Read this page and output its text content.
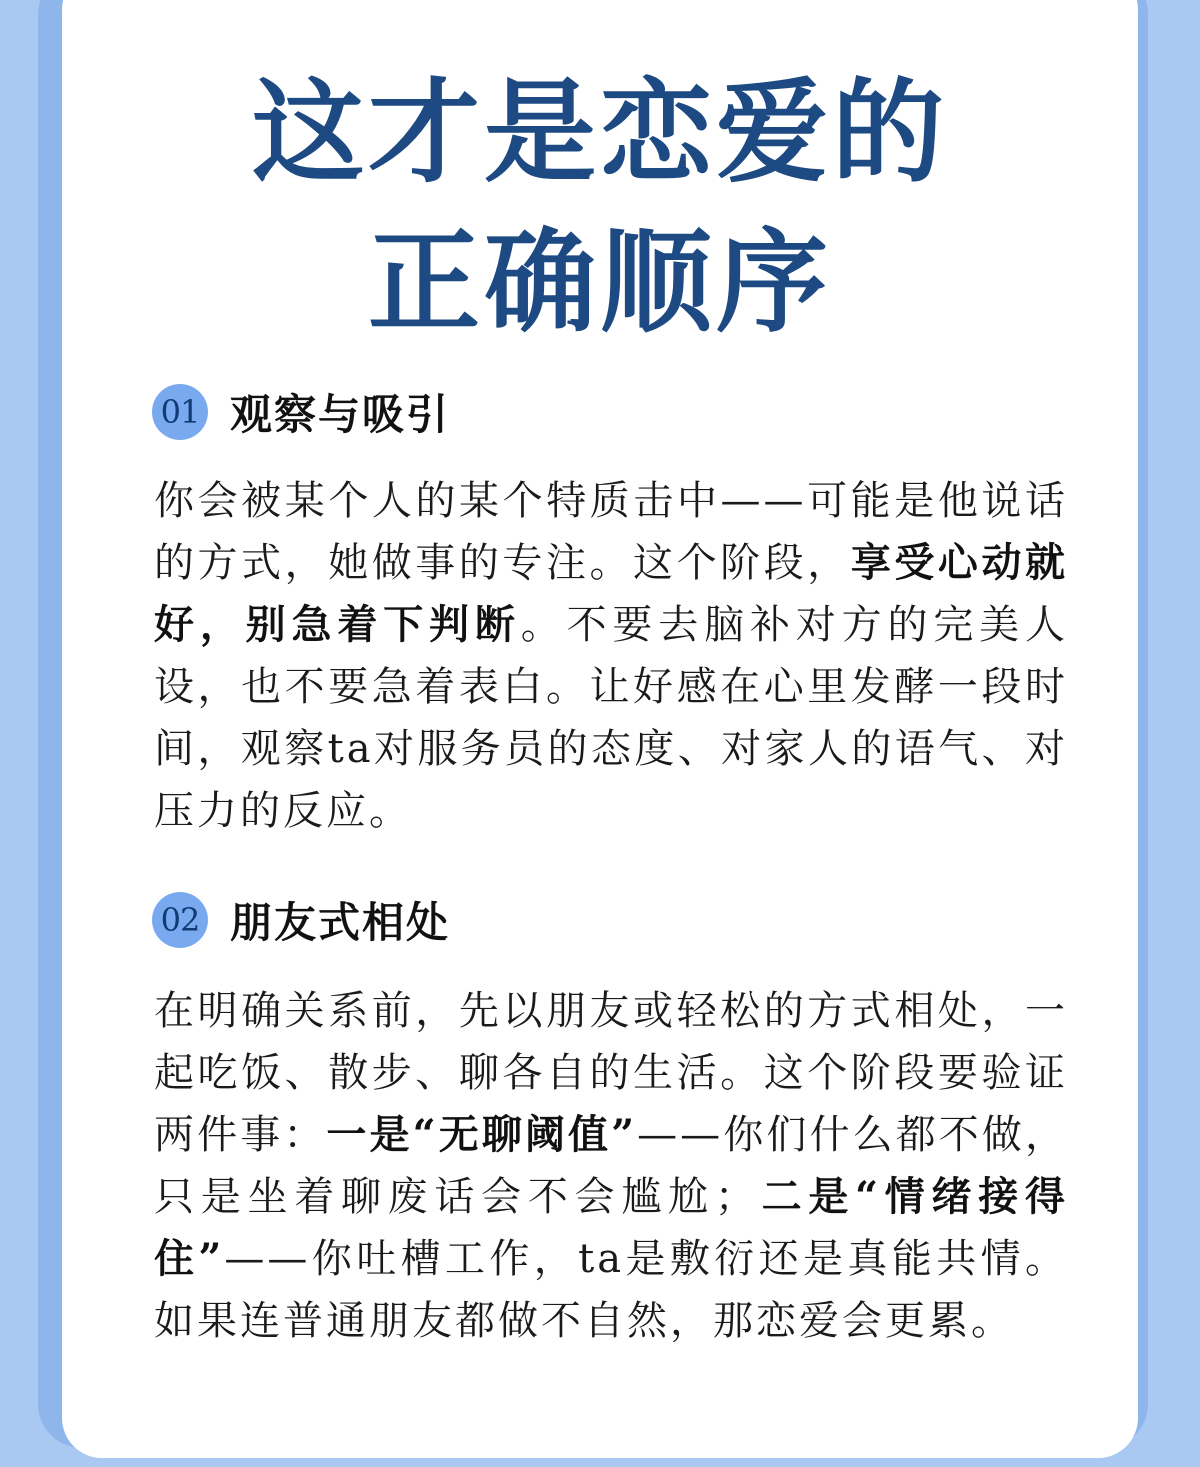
这才是恋爱的
正确顺序
01 观察与吸引

你会被某个人的某个特质击中——可能是他说话的方式，她做事的专注。这个阶段，享受心动就好，别急着下判断。不要去脑补对方的完美人设，也不要急着表白。让好感在心里发酵一段时间，观察ta对服务员的态度、对家人的语气、对压力的反应。

02 朋友式相处

在明确关系前，先以朋友或轻松的方式相处，一起吃饭、散步、聊各自的生活。这个阶段要验证两件事：一是“无聊阈值”——你们什么都不做，只是坐着聊废话会不会尴尬；二是“情绪接得住”——你吐槽工作，ta是敷衍还是真能共情。如果连普通朋友都做不自然，那恋爱会更累。
